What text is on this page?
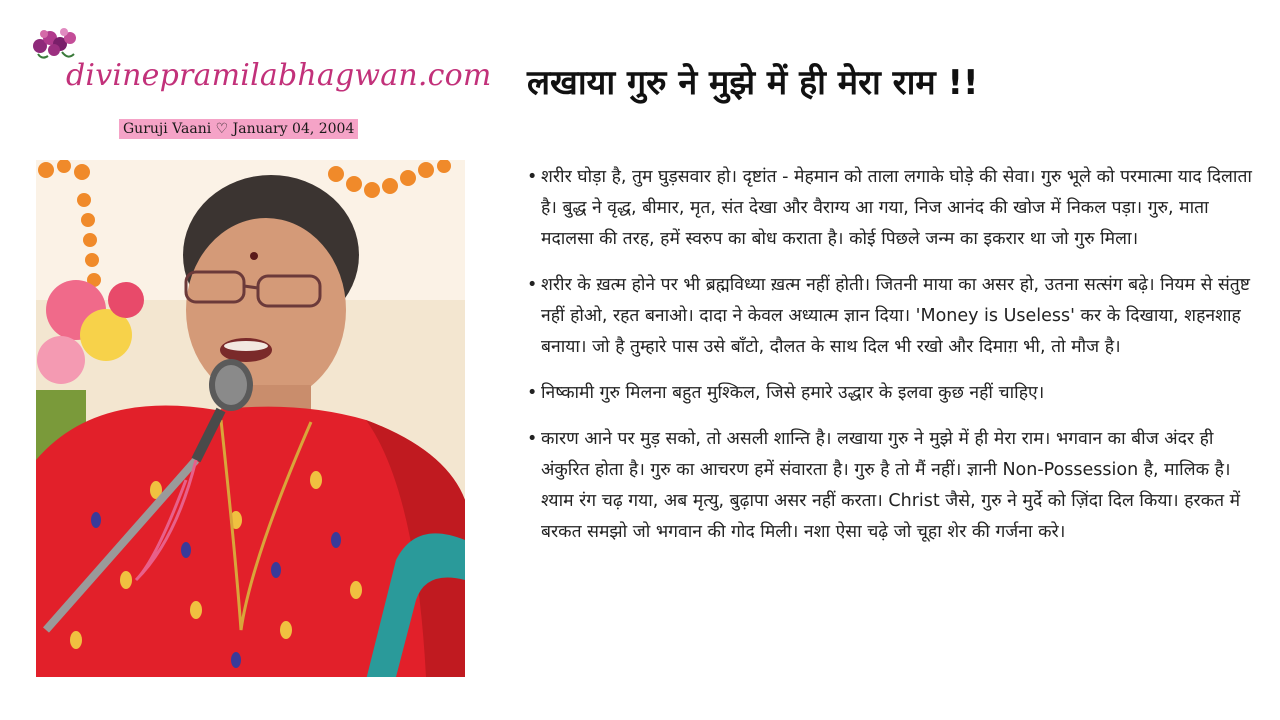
divinepramilabhagwan.com
Guruji Vaani ♡ January 04, 2004
लखाया गुरु ने मुझे में ही मेरा राम !!
• शरीर घोड़ा है, तुम घुड़सवार हो। दृष्टांत - मेहमान को ताला लगाके घोड़े की सेवा। गुरु भूले को परमात्मा याद दिलाता है। बुद्ध ने वृद्ध, बीमार, मृत, संत देखा और वैराग्य आ गया, निज आनंद की खोज में निकल पड़ा। गुरु, माता मदालसा की तरह, हमें स्वरुप का बोध कराता है। कोई पिछले जन्म का इकरार था जो गुरु मिला।
• शरीर के ख़त्म होने पर भी ब्रह्मविध्या ख़त्म नहीं होती। जितनी माया का असर हो, उतना सत्संग बढ़े। नियम से संतुष्ट नहीं होओ, रहत बनाओ। दादा ने केवल अध्यात्म ज्ञान दिया। 'Money is Useless' कर के दिखाया, शहनशाह बनाया। जो है तुम्हारे पास उसे बाँटो, दौलत के साथ दिल भी रखो और दिमाग़ भी, तो मौज है।
• निष्कामी गुरु मिलना बहुत मुश्किल, जिसे हमारे उद्धार के इलवा कुछ नहीं चाहिए।
• कारण आने पर मुड़ सको, तो असली शान्ति है। लखाया गुरु ने मुझे में ही मेरा राम। भगवान का बीज अंदर ही अंकुरित होता है। गुरु का आचरण हमें संवारता है। गुरु है तो मैं नहीं। ज्ञानी Non-Possession है, मालिक है। श्याम रंग चढ़ गया, अब मृत्यु, बुढ़ापा असर नहीं करता। Christ जैसे, गुरु ने मुर्दे को ज़िंदा दिल किया। हरकत में बरकत समझो जो भगवान की गोद मिली। नशा ऐसा चढ़े जो चूहा शेर की गर्जना करे।
